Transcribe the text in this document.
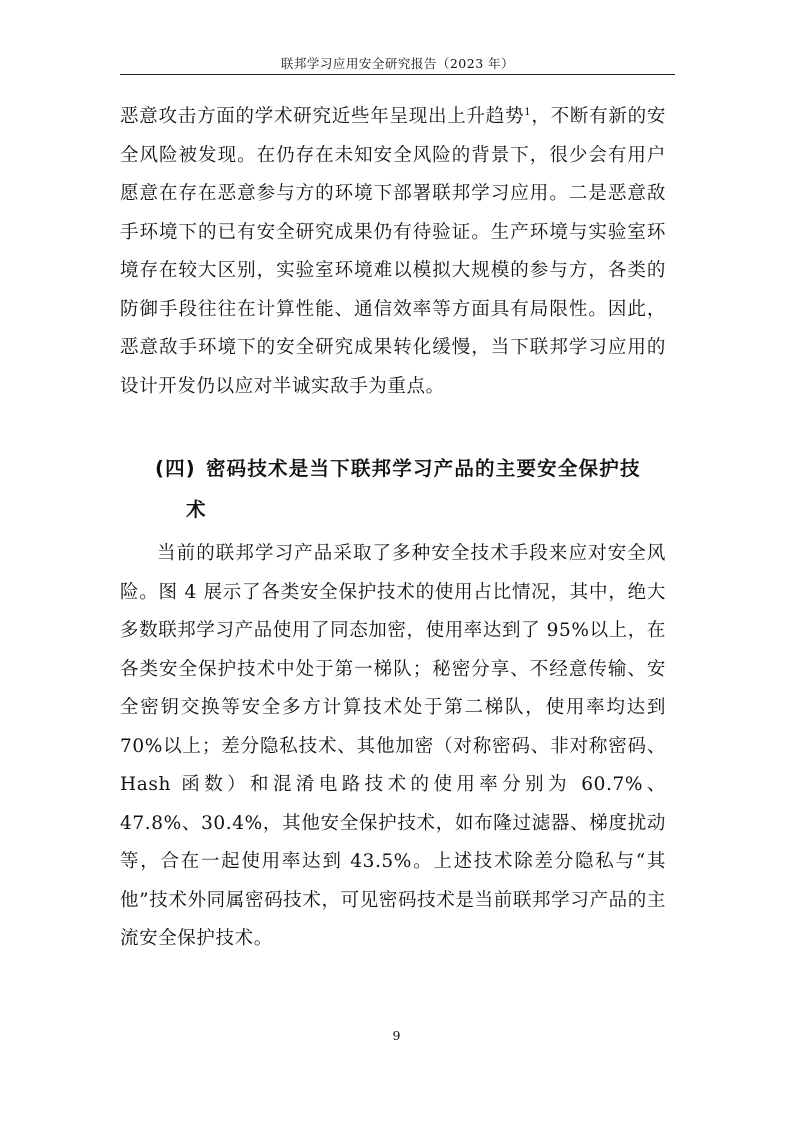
联邦学习应用安全研究报告（2023 年）

恶意攻击方面的学术研究近些年呈现出上升趋势$^1$，不断有新的安全风险被发现。在仍存在未知安全风险的背景下，很少会有用户愿意在存在恶意参与方的环境下部署联邦学习应用。二是恶意敌手环境下的已有安全研究成果仍有待验证。生产环境与实验室环境存在较大区别，实验室环境难以模拟大规模的参与方，各类的防御手段往往在计算性能、通信效率等方面具有局限性。因此，恶意敌手环境下的安全研究成果转化缓慢，当下联邦学习应用的设计开发仍以应对半诚实敌手为重点。

(四) 密码技术是当下联邦学习产品的主要安全保护技
术

当前的联邦学习产品采取了多种安全技术手段来应对安全风险。图 4 展示了各类安全保护技术的使用占比情况，其中，绝大多数联邦学习产品使用了同态加密，使用率达到了 95%以上，在各类安全保护技术中处于第一梯队；秘密分享、不经意传输、安全密钥交换等安全多方计算技术处于第二梯队，使用率均达到 70%以上；差分隐私技术、其他加密（对称密码、非对称密码、Hash 函数）和混淆电路技术的使用率分别为 60.7%、47.8%、30.4%，其他安全保护技术，如布隆过滤器、梯度扰动等，合在一起使用率达到 43.5%。上述技术除差分隐私与“其他”技术外同属密码技术，可见密码技术是当前联邦学习产品的主流安全保护技术。

9
